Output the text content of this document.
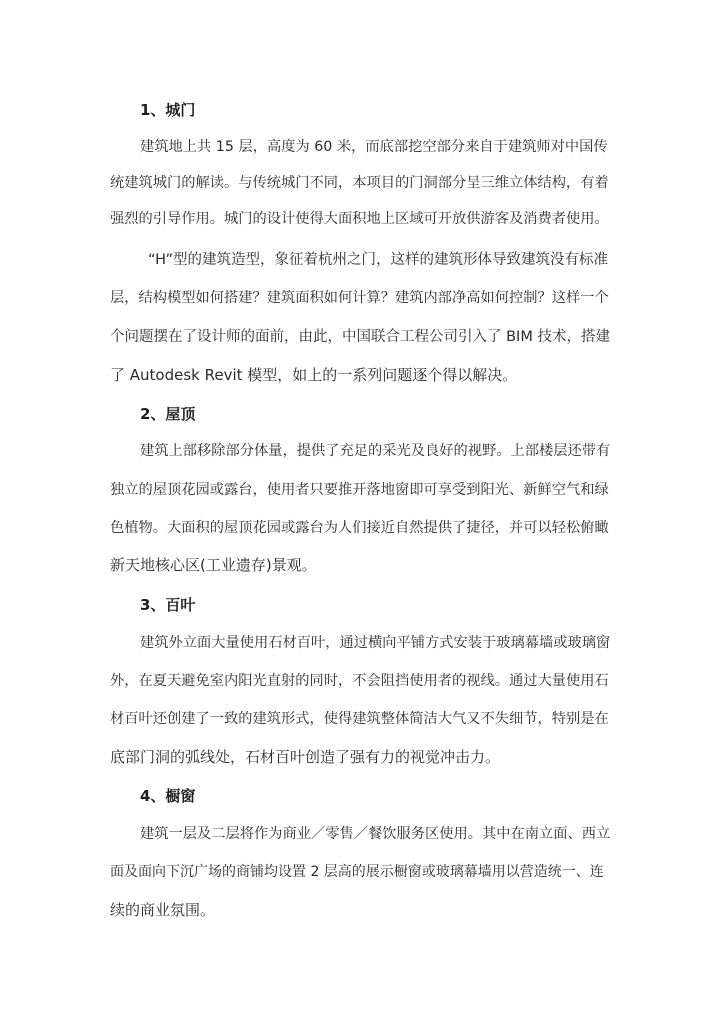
1、城门
建筑地上共 15 层，高度为 60 米，而底部挖空部分来自于建筑师对中国传
统建筑城门的解读。与传统城门不同，本项目的门洞部分呈三维立体结构，有着
强烈的引导作用。城门的设计使得大面积地上区域可开放供游客及消费者使用。
“H”型的建筑造型，象征着杭州之门，这样的建筑形体导致建筑没有标准
层，结构模型如何搭建？建筑面积如何计算？建筑内部净高如何控制？这样一个
个问题摆在了设计师的面前，由此，中国联合工程公司引入了 BIM 技术，搭建
了 Autodesk Revit 模型，如上的一系列问题逐个得以解决。
2、屋顶
建筑上部移除部分体量，提供了充足的采光及良好的视野。上部楼层还带有
独立的屋顶花园或露台，使用者只要推开落地窗即可享受到阳光、新鲜空气和绿
色植物。大面积的屋顶花园或露台为人们接近自然提供了捷径，并可以轻松俯瞰
新天地核心区(工业遗存)景观。
3、百叶
建筑外立面大量使用石材百叶，通过横向平铺方式安装于玻璃幕墙或玻璃窗
外，在夏天避免室内阳光直射的同时，不会阻挡使用者的视线。通过大量使用石
材百叶还创建了一致的建筑形式，使得建筑整体简洁大气又不失细节，特别是在
底部门洞的弧线处，石材百叶创造了强有力的视觉冲击力。
4、橱窗
建筑一层及二层将作为商业／零售／餐饮服务区使用。其中在南立面、西立
面及面向下沉广场的商铺均设置 2 层高的展示橱窗或玻璃幕墙用以营造统一、连
续的商业氛围。
